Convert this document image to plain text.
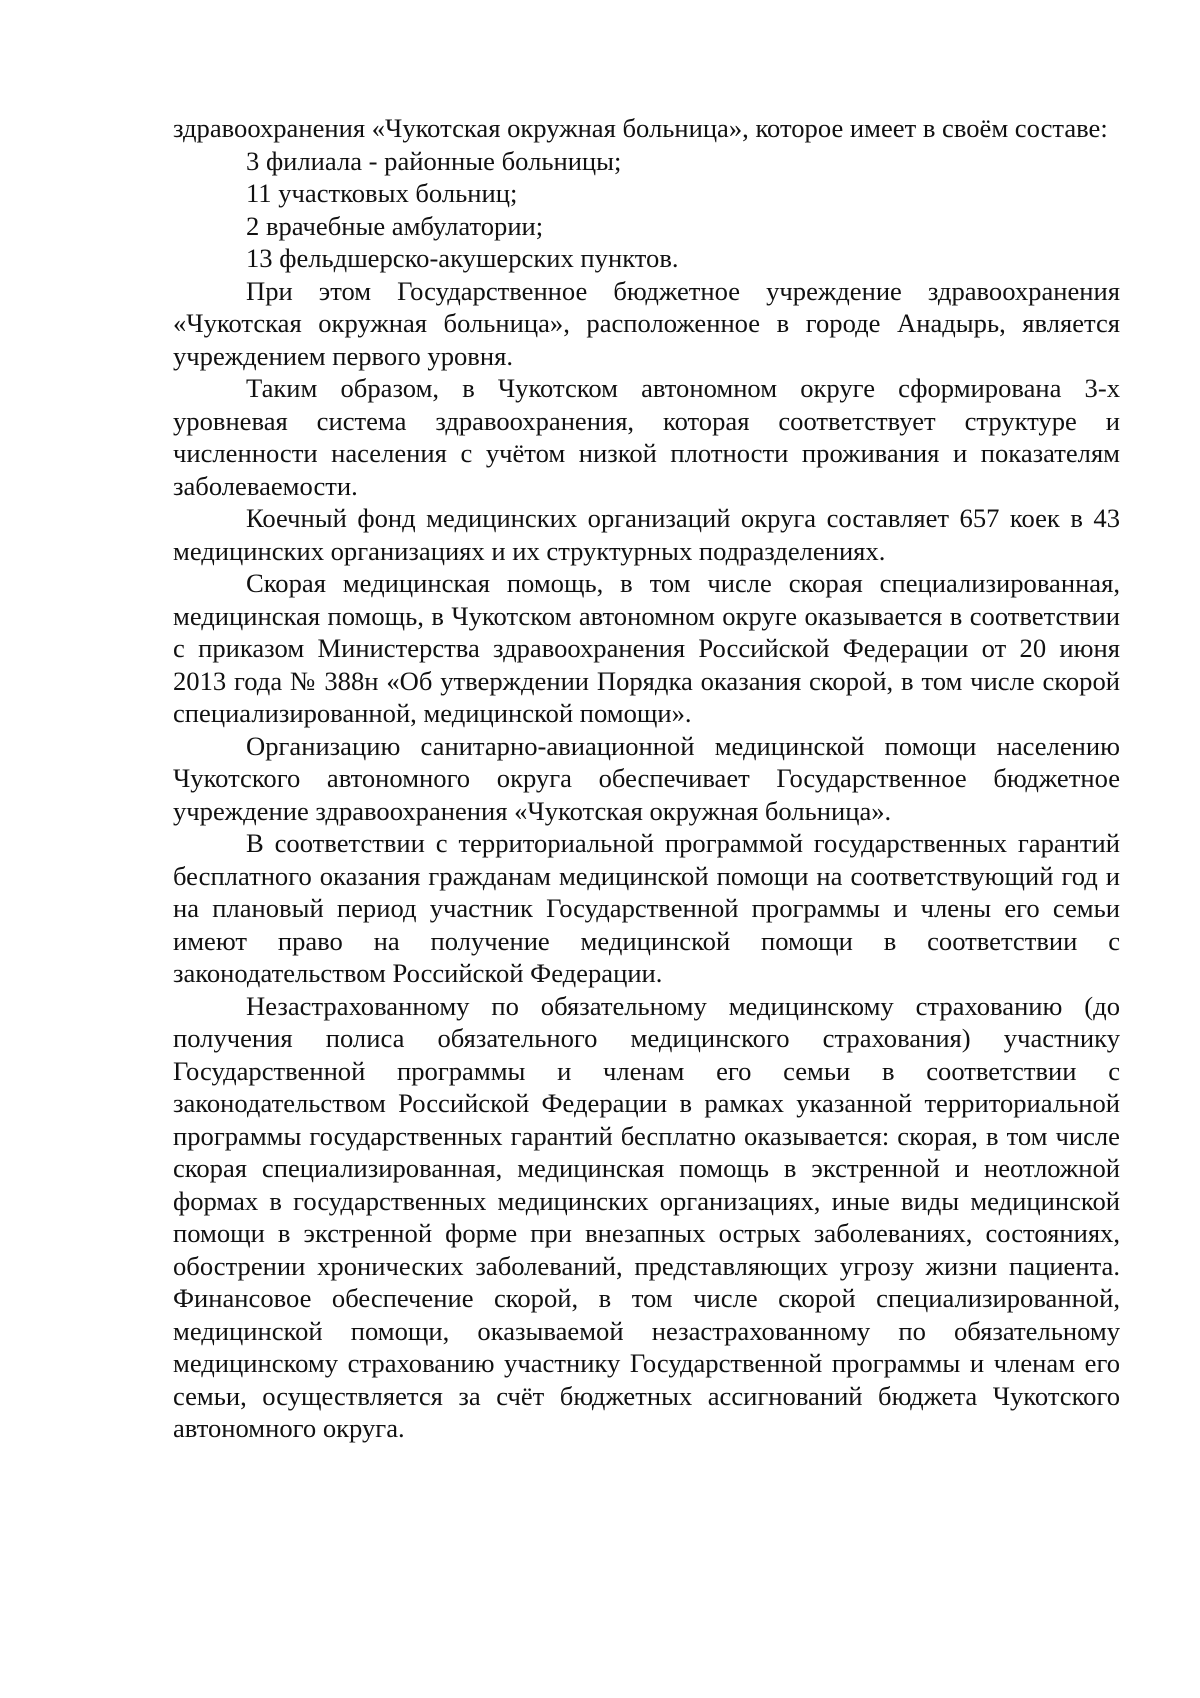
здравоохранения «Чукотская окружная больница», которое имеет в своём составе:

3 филиала - районные больницы;

11 участковых больниц;

2 врачебные амбулатории;

13 фельдшерско-акушерских пунктов.

При этом Государственное бюджетное учреждение здравоохранения «Чукотская окружная больница», расположенное в городе Анадырь, является учреждением первого уровня.

Таким образом, в Чукотском автономном округе сформирована 3-х уровневая система здравоохранения, которая соответствует структуре и численности населения с учётом низкой плотности проживания и показателям заболеваемости.

Коечный фонд медицинских организаций округа составляет 657 коек в 43 медицинских организациях и их структурных подразделениях.

Скорая медицинская помощь, в том числе скорая специализированная, медицинская помощь, в Чукотском автономном округе оказывается в соответствии с приказом Министерства здравоохранения Российской Федерации от 20 июня 2013 года № 388н «Об утверждении Порядка оказания скорой, в том числе скорой специализированной, медицинской помощи».

Организацию санитарно-авиационной медицинской помощи населению Чукотского автономного округа обеспечивает Государственное бюджетное учреждение здравоохранения «Чукотская окружная больница».

В соответствии с территориальной программой государственных гарантий бесплатного оказания гражданам медицинской помощи на соответствующий год и на плановый период участник Государственной программы и члены его семьи имеют право на получение медицинской помощи в соответствии с законодательством Российской Федерации.

Незастрахованному по обязательному медицинскому страхованию (до получения полиса обязательного медицинского страхования) участнику Государственной программы и членам его семьи в соответствии с законодательством Российской Федерации в рамках указанной территориальной программы государственных гарантий бесплатно оказывается: скорая, в том числе скорая специализированная, медицинская помощь в экстренной и неотложной формах в государственных медицинских организациях, иные виды медицинской помощи в экстренной форме при внезапных острых заболеваниях, состояниях, обострении хронических заболеваний, представляющих угрозу жизни пациента. Финансовое обеспечение скорой, в том числе скорой специализированной, медицинской помощи, оказываемой незастрахованному по обязательному медицинскому страхованию участнику Государственной программы и членам его семьи, осуществляется за счёт бюджетных ассигнований бюджета Чукотского автономного округа.
